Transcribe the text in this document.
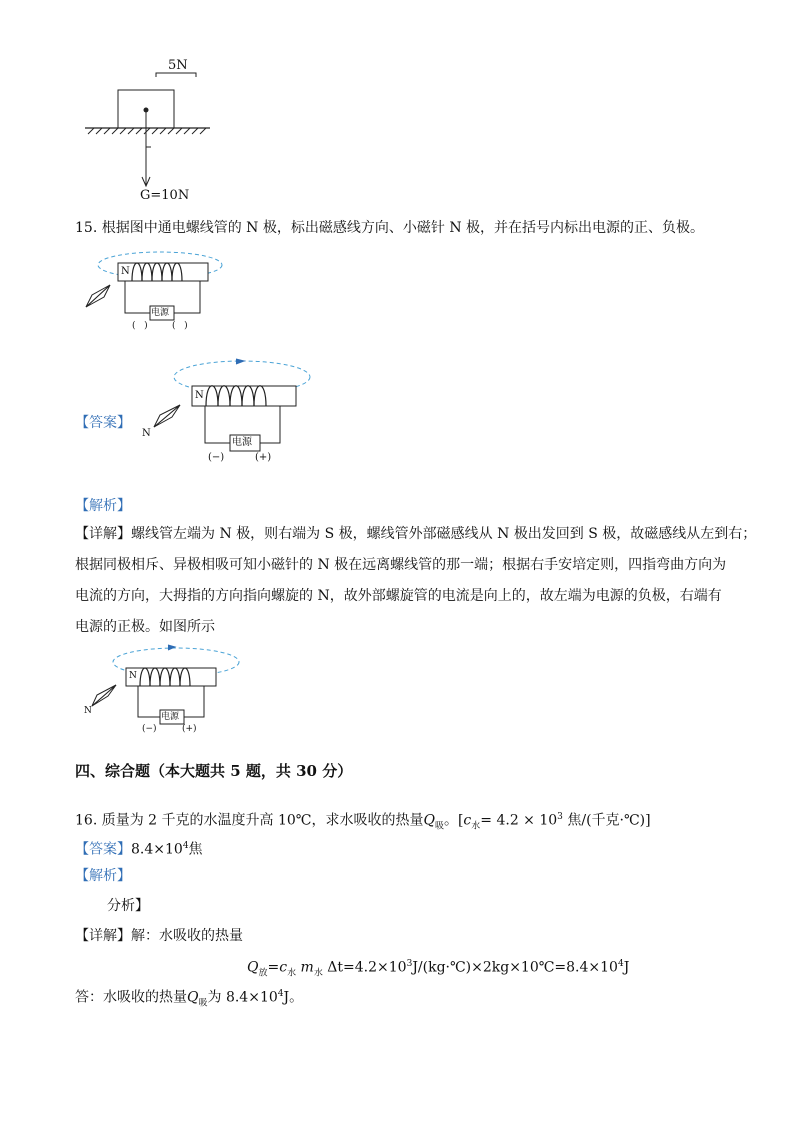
5N
G=10N
15. 根据图中通电螺线管的 N 极，标出磁感线方向、小磁针 N 极，并在括号内标出电源的正、负极。
N
电源
(   )	(   )
【答案】
N
N
电源
(−)	(+)
【解析】
【详解】螺线管左端为 N 极，则右端为 S 极，螺线管外部磁感线从 N 极出发回到 S 极，故磁感线从左到右；
根据同极相斥、异极相吸可知小磁针的 N 极在远离螺线管的那一端；根据右手安培定则，四指弯曲方向为
电流的方向，大拇指的方向指向螺旋的 N，故外部螺旋管的电流是向上的，故左端为电源的负极，右端有
电源的正极。如图所示
N
N
电源
(−)	(+)
四、综合题（本大题共 5 题，共 30 分）
16. 质量为 2 千克的水温度升高 10℃，求水吸收的热量$Q_吸$。[$c_水= 4.2 \times 10^3$ 焦/(千克·℃)]
【答案】$8.4\times 10^4$焦
【解析】
分析】
【详解】解：水吸收的热量
$Q_放=c_水$ $m_水$ $\Delta t=4.2\times 10^3J/(kg\cdot℃)\times 2kg\times 10℃=8.4\times 10^4J$
答：水吸收的热量$Q_吸$为 $8.4\times 10^4J$。
